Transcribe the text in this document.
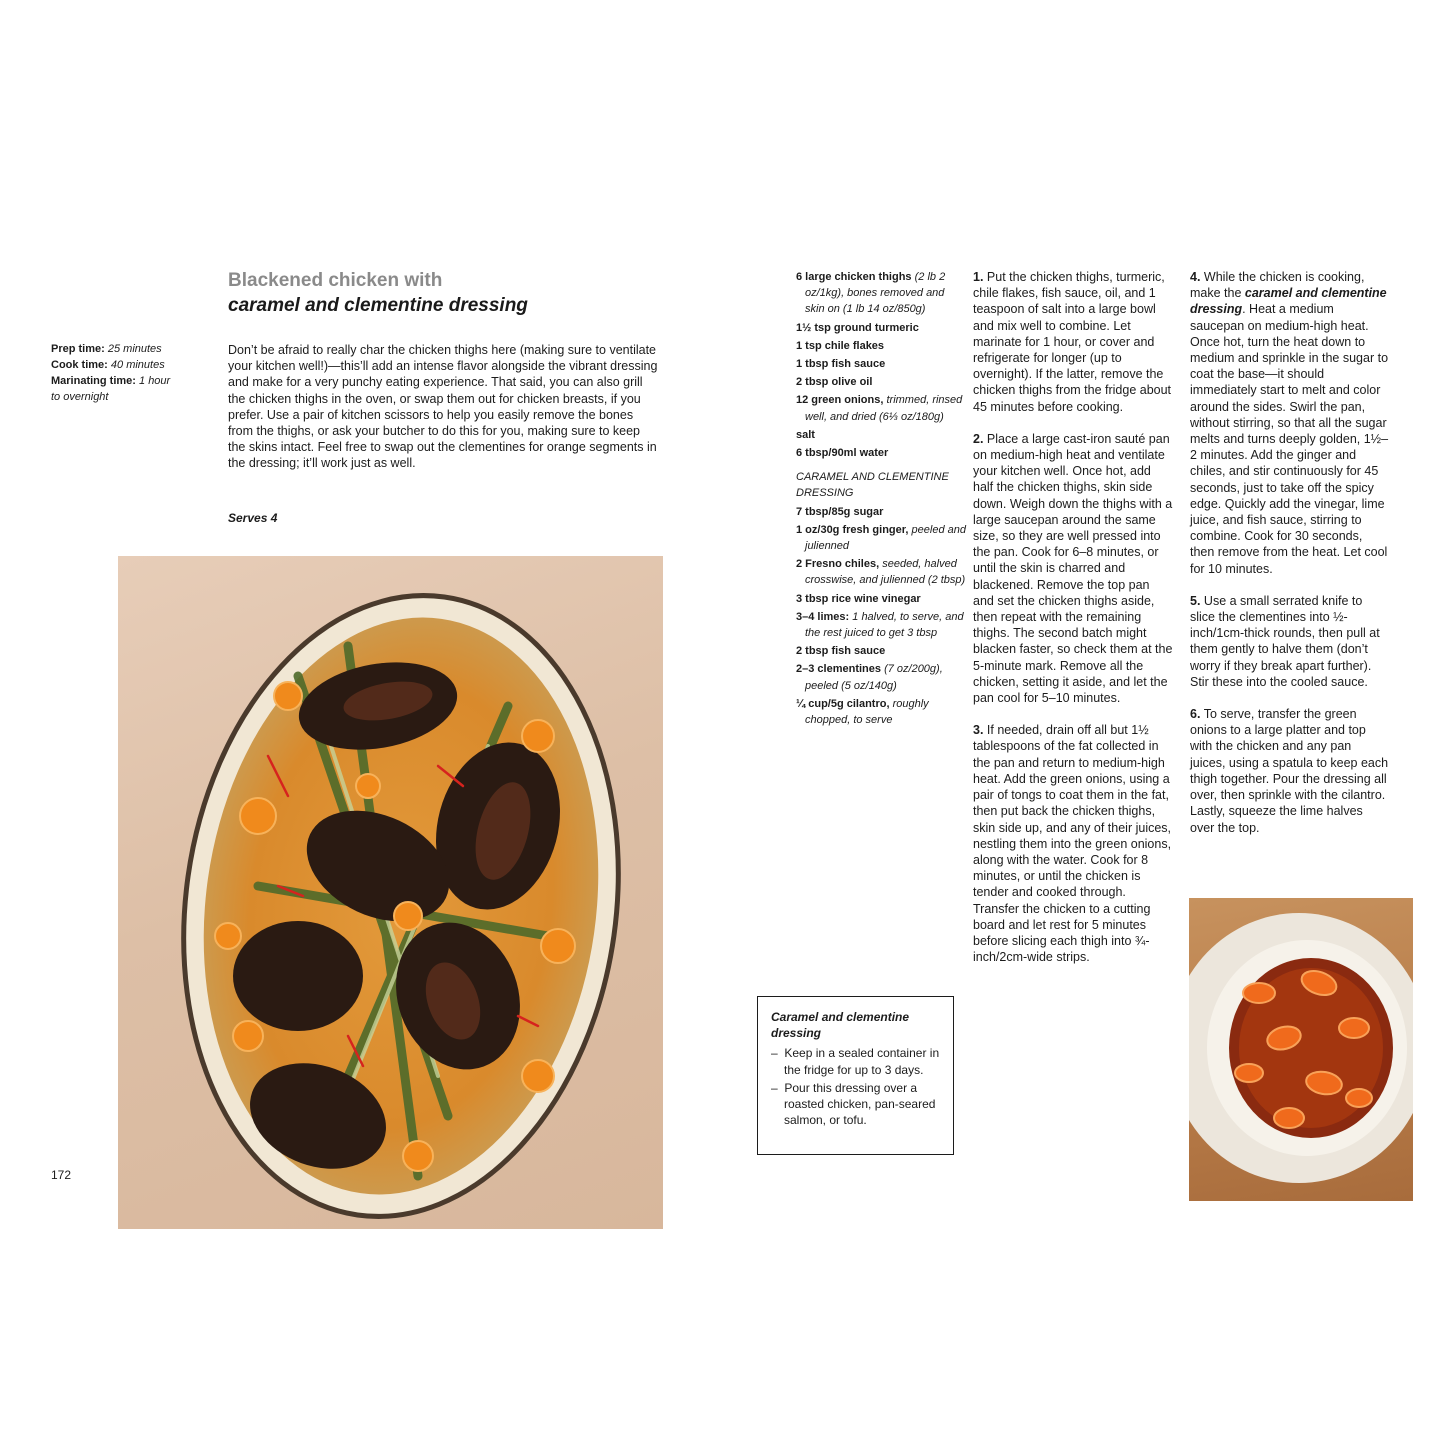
Blackened chicken with
caramel and clementine dressing
Prep time: 25 minutes
Cook time: 40 minutes
Marinating time: 1 hour
to overnight

Don’t be afraid to really char the chicken thighs here (making sure to ventilate your kitchen well!)—this’ll add an intense flavor alongside the vibrant dressing and make for a very punchy eating experience. That said, you can also grill the chicken thighs in the oven, or swap them out for chicken breasts, if you prefer. Use a pair of kitchen scissors to help you easily remove the bones from the thighs, or ask your butcher to do this for you, making sure to keep the skins intact. Feel free to swap out the clementines for orange segments in the dressing; it’ll work just as well.

Serves 4
172
6 large chicken thighs (2 lb 2 oz/1kg), bones removed and skin on (1 lb 14 oz/850g)
1½ tsp ground turmeric
1 tsp chile flakes
1 tbsp fish sauce
2 tbsp olive oil
12 green onions, trimmed, rinsed well, and dried (6⅓ oz/180g)
salt
6 tbsp/90ml water
CARAMEL AND CLEMENTINE DRESSING
7 tbsp/85g sugar
1 oz/30g fresh ginger, peeled and julienned
2 Fresno chiles, seeded, halved crosswise, and julienned (2 tbsp)
3 tbsp rice wine vinegar
3–4 limes: 1 halved, to serve, and the rest juiced to get 3 tbsp
2 tbsp fish sauce
2–3 clementines (7 oz/200g), peeled (5 oz/140g)
¼ cup/5g cilantro, roughly chopped, to serve
Caramel and clementine dressing
–  Keep in a sealed container in the fridge for up to 3 days.
–  Pour this dressing over a roasted chicken, pan-seared salmon, or tofu.

1. Put the chicken thighs, turmeric, chile flakes, fish sauce, oil, and 1 teaspoon of salt into a large bowl and mix well to combine. Let marinate for 1 hour, or cover and refrigerate for longer (up to overnight). If the latter, remove the chicken thighs from the fridge about 45 minutes before cooking.

2. Place a large cast-iron sauté pan on medium-high heat and ventilate your kitchen well. Once hot, add half the chicken thighs, skin side down. Weigh down the thighs with a large saucepan around the same size, so they are well pressed into the pan. Cook for 6–8 minutes, or until the skin is charred and blackened. Remove the top pan and set the chicken thighs aside, then repeat with the remaining thighs. The second batch might blacken faster, so check them at the 5-minute mark. Remove all the chicken, setting it aside, and let the pan cool for 5–10 minutes.

3. If needed, drain off all but 1½ tablespoons of the fat collected in the pan and return to medium-high heat. Add the green onions, using a pair of tongs to coat them in the fat, then put back the chicken thighs, skin side up, and any of their juices, nestling them into the green onions, along with the water. Cook for 8 minutes, or until the chicken is tender and cooked through. Transfer the chicken to a cutting board and let rest for 5 minutes before slicing each thigh into ¾-inch/2cm-wide strips.

4. While the chicken is cooking, make the caramel and clementine dressing. Heat a medium saucepan on medium-high heat. Once hot, turn the heat down to medium and sprinkle in the sugar to coat the base—it should immediately start to melt and color around the sides. Swirl the pan, without stirring, so that all the sugar melts and turns deeply golden, 1½–2 minutes. Add the ginger and chiles, and stir continuously for 45 seconds, just to take off the spicy edge. Quickly add the vinegar, lime juice, and fish sauce, stirring to combine. Cook for 30 seconds, then remove from the heat. Let cool for 10 minutes.

5. Use a small serrated knife to slice the clementines into ½-inch/1cm-thick rounds, then pull at them gently to halve them (don’t worry if they break apart further). Stir these into the cooled sauce.

6. To serve, transfer the green onions to a large platter and top with the chicken and any pan juices, using a spatula to keep each thigh together. Pour the dressing all over, then sprinkle with the cilantro. Lastly, squeeze the lime halves over the top.
